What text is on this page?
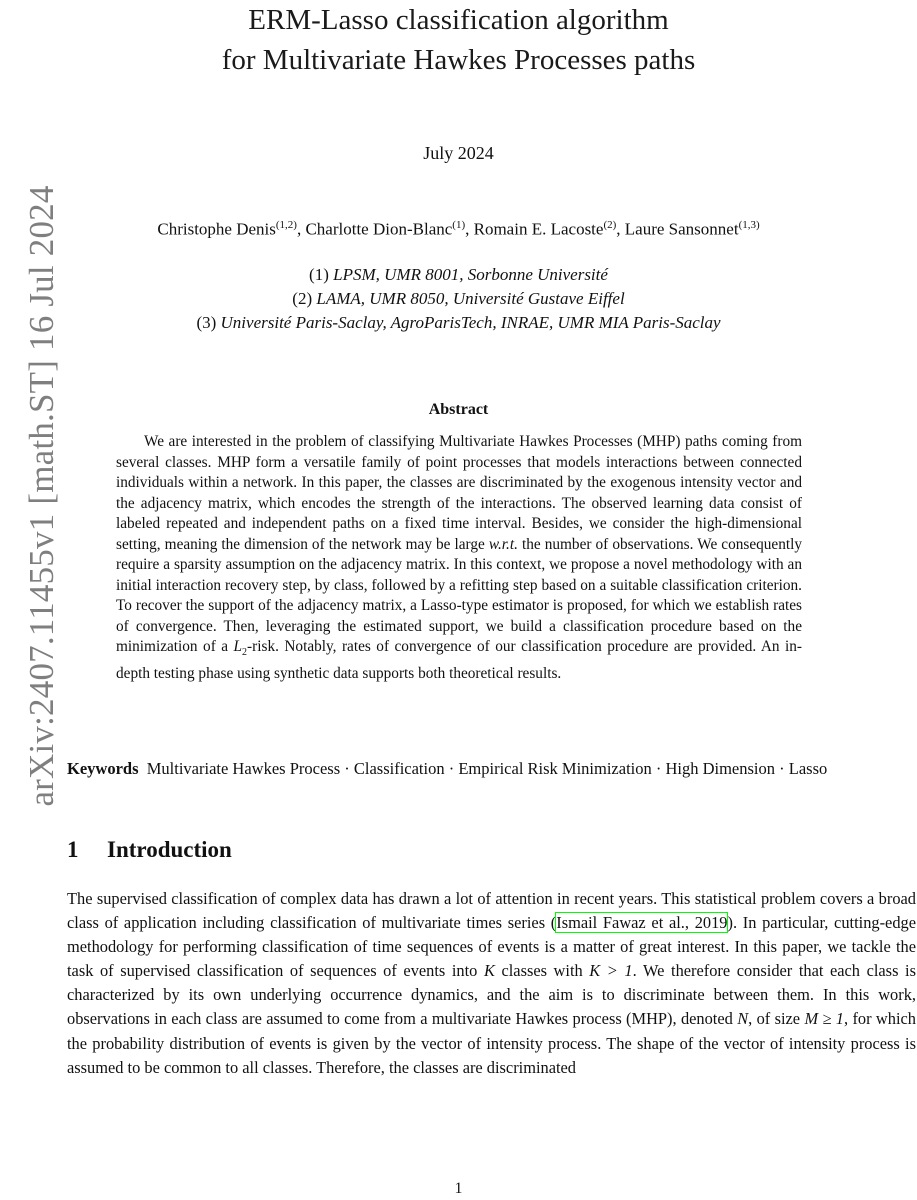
arXiv:2407.11455v1 [math.ST] 16 Jul 2024
ERM-Lasso classification algorithm
for Multivariate Hawkes Processes paths
July 2024
Christophe Denis$^{(1,2)}$, Charlotte Dion-Blanc$^{(1)}$, Romain E. Lacoste$^{(2)}$, Laure Sansonnet$^{(1,3)}$
(1) LPSM, UMR 8001, Sorbonne Université
(2) LAMA, UMR 8050, Université Gustave Eiffel
(3) Université Paris-Saclay, AgroParisTech, INRAE, UMR MIA Paris-Saclay
Abstract

We are interested in the problem of classifying Multivariate Hawkes Processes (MHP) paths coming from several classes. MHP form a versatile family of point processes that models interactions between connected individuals within a network. In this paper, the classes are discriminated by the exogenous intensity vector and the adjacency matrix, which encodes the strength of the interactions. The observed learning data consist of labeled repeated and independent paths on a fixed time interval. Besides, we consider the high-dimensional setting, meaning the dimension of the network may be large w.r.t. the number of observations. We consequently require a sparsity assumption on the adjacency matrix. In this context, we propose a novel methodology with an initial interaction recovery step, by class, followed by a refitting step based on a suitable classification criterion. To recover the support of the adjacency matrix, a Lasso-type estimator is proposed, for which we establish rates of convergence. Then, leveraging the estimated support, we build a classification procedure based on the minimization of a $L_2$-risk. Notably, rates of convergence of our classification procedure are provided. An in-depth testing phase using synthetic data supports both theoretical results.

Keywords Multivariate Hawkes Process · Classification · Empirical Risk Minimization · High Dimension · Lasso

1 Introduction

The supervised classification of complex data has drawn a lot of attention in recent years. This statistical problem covers a broad class of application including classification of multivariate times series (Ismail Fawaz et al., 2019). In particular, cutting-edge methodology for performing classification of time sequences of events is a matter of great interest. In this paper, we tackle the task of supervised classification of sequences of events into K classes with K > 1. We therefore consider that each class is characterized by its own underlying occurrence dynamics, and the aim is to discriminate between them. In this work, observations in each class are assumed to come from a multivariate Hawkes process (MHP), denoted N, of size M ≥ 1, for which the probability distribution of events is given by the vector of intensity process. The shape of the vector of intensity process is assumed to be common to all classes. Therefore, the classes are discriminated

1
